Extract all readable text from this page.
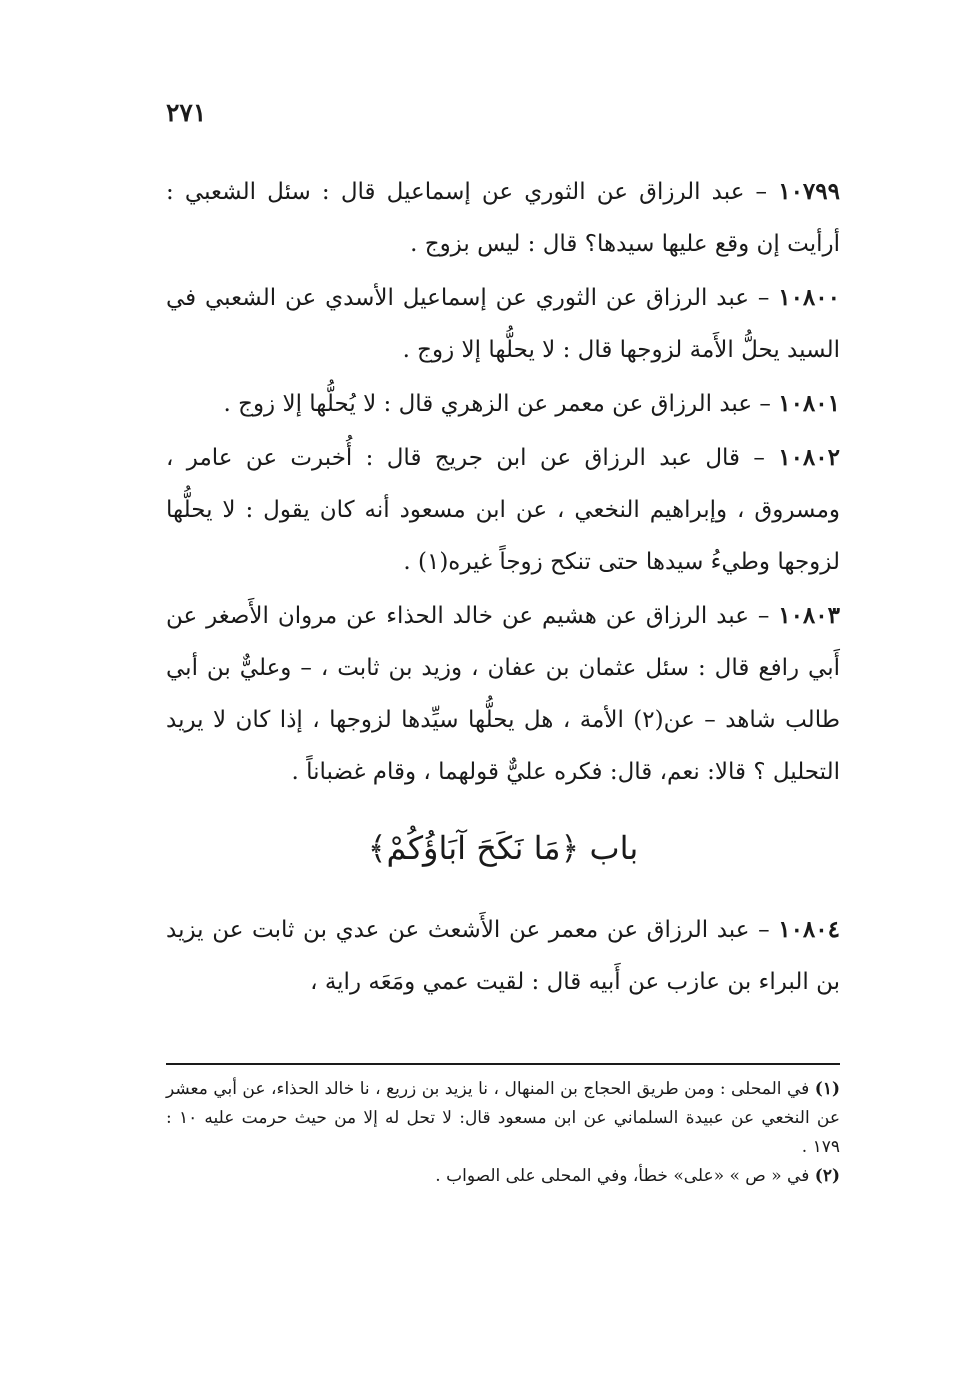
٢٧١

١٠٧٩٩ – عبد الرزاق عن الثوري عن إسماعيل قال : سئل الشعبي : أرأيت إن وقع عليها سيدها؟ قال : ليس بزوج .

١٠٨٠٠ – عبد الرزاق عن الثوري عن إسماعيل الأسدي عن الشعبي في السيد يحلُّ الأَمة لزوجها قال : لا يحلُّها إلا زوج .

١٠٨٠١ – عبد الرزاق عن معمر عن الزهري قال : لا يُحلُّها إلا زوج .

١٠٨٠٢ – قال عبد الرزاق عن ابن جريج قال : أُخبرت عن عامر ، ومسروق ، وإبراهيم النخعي ، عن ابن مسعود أنه كان يقول : لا يحلُّها لزوجها وطيءُ سيدها حتى تنكح زوجاً غيره(١) .

١٠٨٠٣ – عبد الرزاق عن هشيم عن خالد الحذاء عن مروان الأَصغر عن أَبي رافع قال : سئل عثمان بن عفان ، وزيد بن ثابت ، – وعليٌّ بن أبي طالب شاهد – عن(٢) الأمة ، هل يحلُّها سيِّدها لزوجها ، إذا كان لا يريد التحليل ؟ قالا: نعم، قال: فكره عليٌّ قولهما ، وقام غضباناً .

باب ﴿مَا نَكَحَ آبَاؤُكُمْ﴾

١٠٨٠٤ – عبد الرزاق عن معمر عن الأَشعث عن عدي بن ثابت عن يزيد بن البراء بن عازب عن أَبيه قال : لقيت عمي ومَعَه راية ،

(١) في المحلى : ومن طريق الحجاج بن المنهال ، نا يزيد بن زريع ، نا خالد الحذاء، عن أبي معشر عن النخعي عن عبيدة السلماني عن ابن مسعود قال: لا تحل له إلا من حيث حرمت عليه ١٠ : ١٧٩ .

(٢) في « ص » «على» خطأ، وفي المحلى على الصواب .
